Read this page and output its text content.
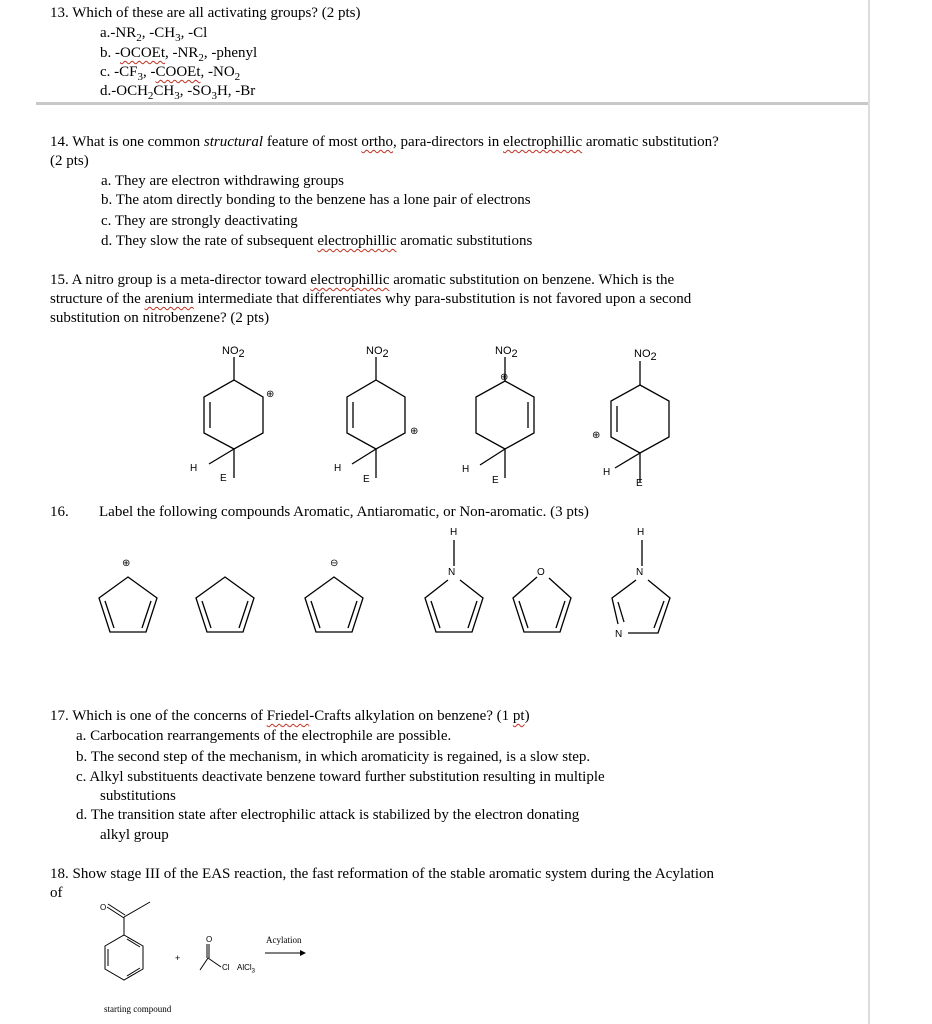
13. Which of these are all activating groups? (2 pts)
$a.-NR_2$, $-CH_3$, -Cl
b. -OCOEt, $-NR_2$, -phenyl
c. $-CF_3$, -COOEt, $-NO_2$
$d.-OCH_2CH_3$, $-SO_3H$, -Br
14. What is one common structural feature of most ortho, para-directors in electrophillic aromatic substitution?
(2 pts)
a. They are electron withdrawing groups
b. The atom directly bonding to the benzene has a lone pair of electrons
c. They are strongly deactivating
d. They slow the rate of subsequent electrophillic aromatic substitutions
15. A nitro group is a meta-director toward electrophillic aromatic substitution on benzene. Which is the
structure of the arenium intermediate that differentiates why para-substitution is not favored upon a second
substitution on nitrobenzene? (2 pts)
$NO_2$	$NO_2$	$NO_2$	$NO_2$
⊕
⊕
⊕
⊕
H
E
H
E
H
E
H
E
16. Label the following compounds Aromatic, Antiaromatic, or Non-aromatic. (3 pts)
⊕	⊖
H
N	O
H
N
N
17. Which is one of the concerns of Friedel-Crafts alkylation on benzene? (1 pt)
a. Carbocation rearrangements of the electrophile are possible.
b. The second step of the mechanism, in which aromaticity is regained, is a slow step.
c. Alkyl substituents deactivate benzene toward further substitution resulting in multiple
substitutions
d. The transition state after electrophilic attack is stabilized by the electron donating
alkyl group
18. Show stage III of the EAS reaction, the fast reformation of the stable aromatic system during the Acylation
of
O
O
+
Cl AlCl$_3$
Acylation
starting compound
